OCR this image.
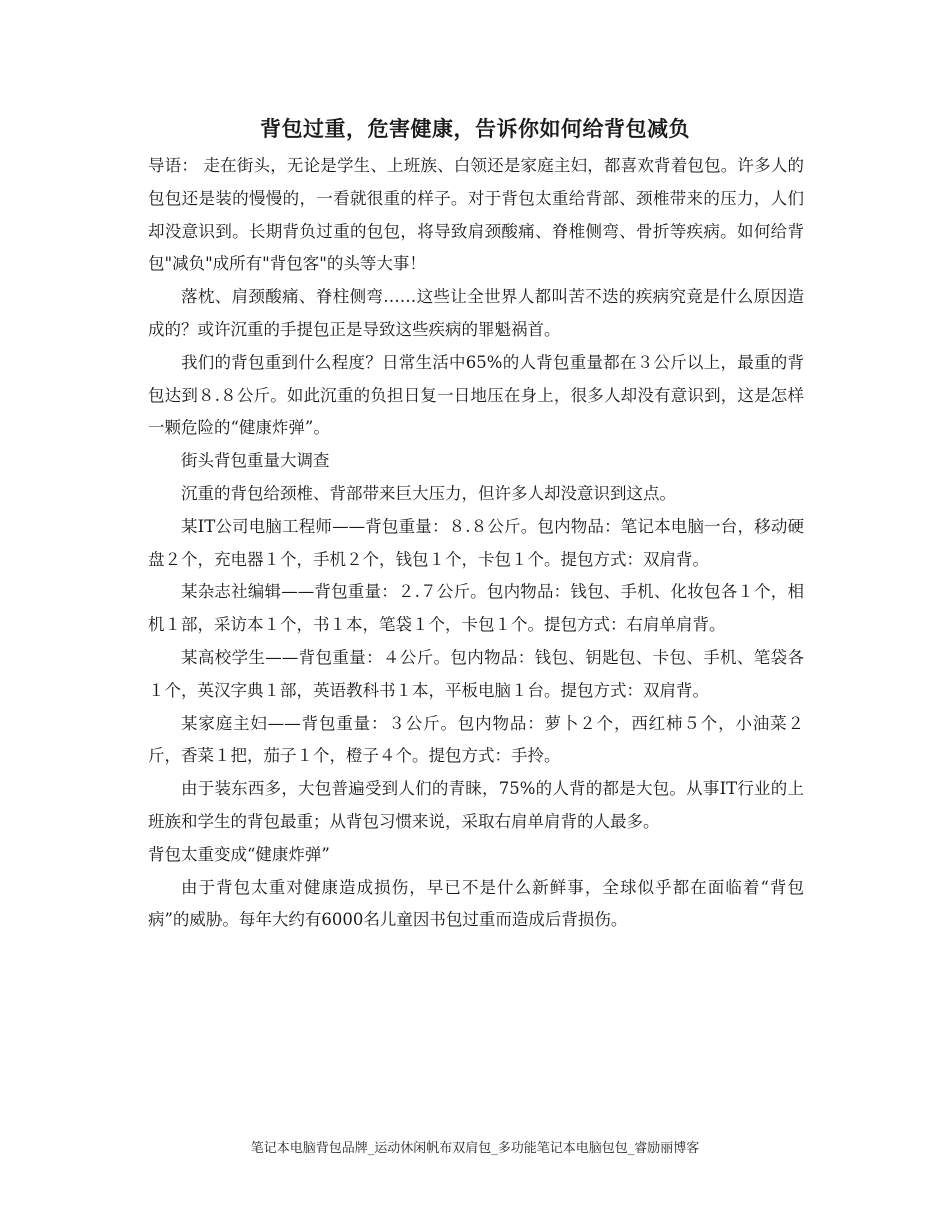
背包过重，危害健康，告诉你如何给背包减负

导语： 走在街头，无论是学生、上班族、白领还是家庭主妇，都喜欢背着包包。许多人的包包还是装的慢慢的，一看就很重的样子。对于背包太重给背部、颈椎带来的压力，人们却没意识到。长期背负过重的包包，将导致肩颈酸痛、脊椎侧弯、骨折等疾病。如何给背包"减负"成所有"背包客"的头等大事！

落枕、肩颈酸痛、脊柱侧弯……这些让全世界人都叫苦不迭的疾病究竟是什么原因造成的？或许沉重的手提包正是导致这些疾病的罪魁祸首。

我们的背包重到什么程度？日常生活中65%的人背包重量都在３公斤以上，最重的背包达到８.８公斤。如此沉重的负担日复一日地压在身上，很多人却没有意识到，这是怎样一颗危险的“健康炸弹”。

街头背包重量大调查

沉重的背包给颈椎、背部带来巨大压力，但许多人却没意识到这点。

某IT公司电脑工程师——背包重量：８.８公斤。包内物品：笔记本电脑一台，移动硬盘２个，充电器１个，手机２个，钱包１个，卡包１个。提包方式：双肩背。

某杂志社编辑——背包重量：２.７公斤。包内物品：钱包、手机、化妆包各１个，相机１部，采访本１个，书１本，笔袋１个，卡包１个。提包方式：右肩单肩背。

某高校学生——背包重量：４公斤。包内物品：钱包、钥匙包、卡包、手机、笔袋各１个，英汉字典１部，英语教科书１本，平板电脑１台。提包方式：双肩背。

某家庭主妇——背包重量：３公斤。包内物品：萝卜２个，西红柿５个，小油菜２斤，香菜１把，茄子１个，橙子４个。提包方式：手拎。

由于装东西多，大包普遍受到人们的青睐，75%的人背的都是大包。从事IT行业的上班族和学生的背包最重；从背包习惯来说，采取右肩单肩背的人最多。

背包太重变成“健康炸弹”

由于背包太重对健康造成损伤，早已不是什么新鲜事，全球似乎都在面临着“背包病”的威胁。每年大约有6000名儿童因书包过重而造成后背损伤。

笔记本电脑背包品牌_运动休闲帆布双肩包_多功能笔记本电脑包包_睿励丽博客
